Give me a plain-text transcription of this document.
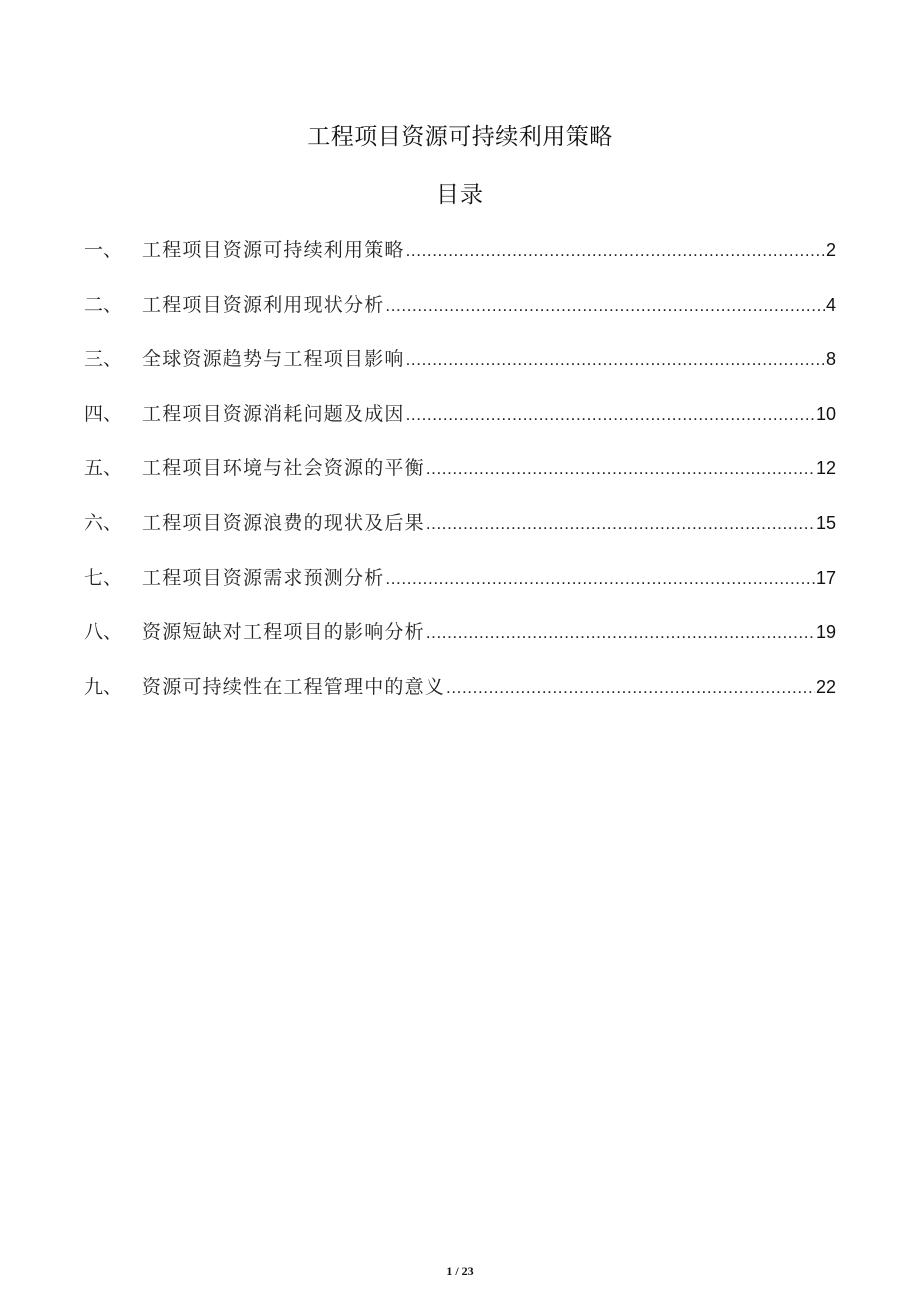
工程项目资源可持续利用策略
目录
一、	工程项目资源可持续利用策略 .....	2
二、	工程项目资源利用现状分析 .....	4
三、	全球资源趋势与工程项目影响 .....	8
四、	工程项目资源消耗问题及成因 .....	10
五、	工程项目环境与社会资源的平衡 .....	12
六、	工程项目资源浪费的现状及后果 .....	15
七、	工程项目资源需求预测分析 .....	17
八、	资源短缺对工程项目的影响分析 .....	19
九、	资源可持续性在工程管理中的意义 .....	22
1 / 23
